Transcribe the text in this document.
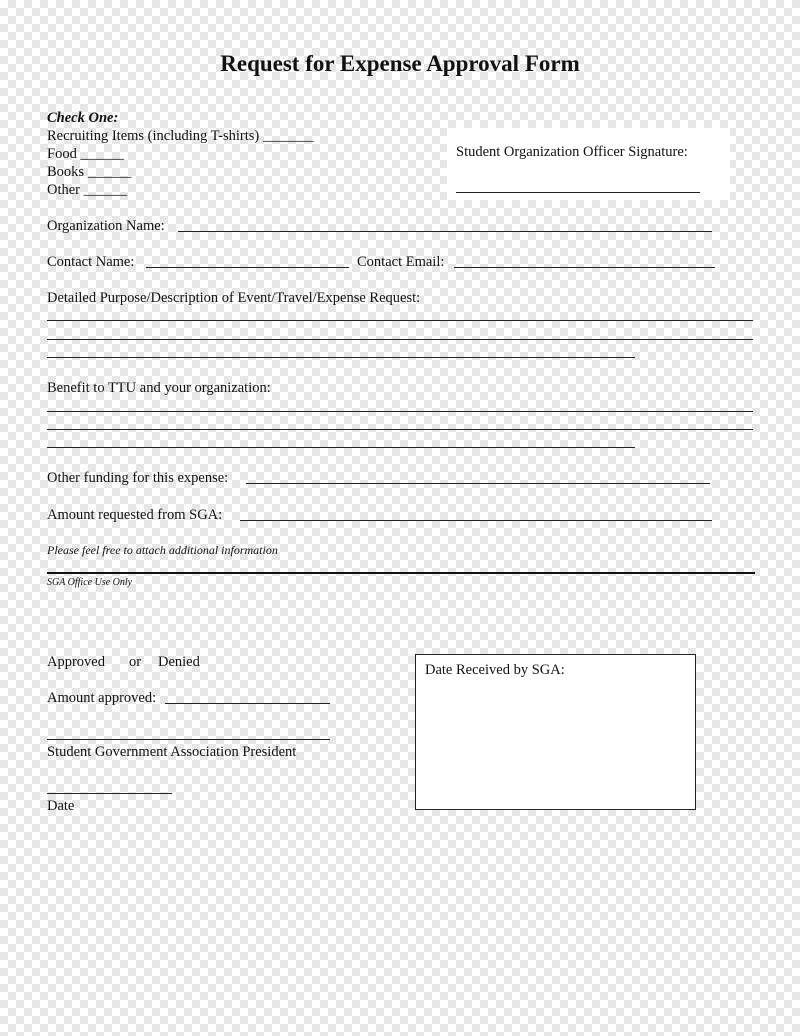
Request for Expense Approval Form
Check One:
Recruiting Items (including T-shirts) _______
Food ______
Books ______
Other ______
Student Organization Officer Signature:
Organization Name:
Contact Name:	Contact Email:
Detailed Purpose/Description of Event/Travel/Expense Request:
Benefit to TTU and your organization:
Other funding for this expense:
Amount requested from SGA:
Please feel free to attach additional information
SGA Office Use Only
Approved or Denied
Amount approved:
Student Government Association President
Date
Date Received by SGA:
